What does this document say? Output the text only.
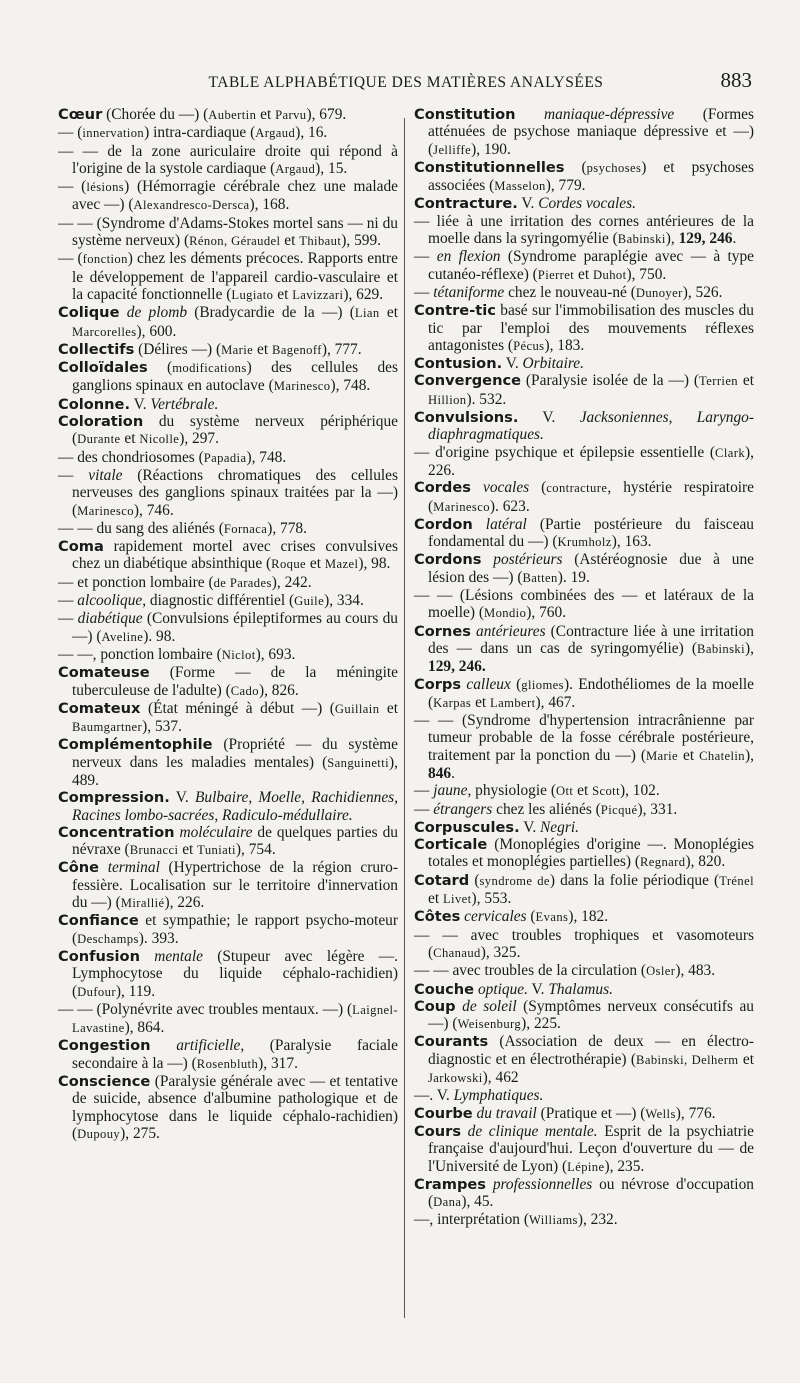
TABLE ALPHABÉTIQUE DES MATIÈRES ANALYSÉES	883

Cœur (Chorée du —) (Aubertin et Parvu), 679.

— (innervation) intra-cardiaque (Argaud), 16.

— — de la zone auriculaire droite qui répond à l'origine de la systole cardiaque (Argaud), 15.

— (lésions) (Hémorragie cérébrale chez une malade avec —) (Alexandresco-Dersca), 168.

— — (Syndrome d'Adams-Stokes mortel sans — ni du système nerveux) (Rénon, Géraudel et Thibaut), 599.

— (fonction) chez les déments précoces. Rapports entre le développement de l'appareil cardio-vasculaire et la capacité fonctionnelle (Lugiato et Lavizzari), 629.

Colique de plomb (Bradycardie de la —) (Lian et Marcorelles), 600.

Collectifs (Délires —) (Marie et Bagenoff), 777.

Colloïdales (modifications) des cellules des ganglions spinaux en autoclave (Marinesco), 748.

Colonne. V. Vertébrale.

Coloration du système nerveux périphérique (Durante et Nicolle), 297.

— des chondriosomes (Papadia), 748.

— vitale (Réactions chromatiques des cellules nerveuses des ganglions spinaux traitées par la —) (Marinesco), 746.

— — du sang des aliénés (Fornaca), 778.

Coma rapidement mortel avec crises convulsives chez un diabétique absinthique (Roque et Mazel), 98.

— et ponction lombaire (de Parades), 242.

— alcoolique, diagnostic différentiel (Guile), 334.

— diabétique (Convulsions épileptiformes au cours du —) (Aveline). 98.

— —, ponction lombaire (Niclot), 693.

Comateuse (Forme — de la méningite tuberculeuse de l'adulte) (Cado), 826.

Comateux (État méningé à début —) (Guillain et Baumgartner), 537.

Complémentophile (Propriété — du système nerveux dans les maladies mentales) (Sanguinetti), 489.

Compression. V. Bulbaire, Moelle, Rachidiennes, Racines lombo-sacrées, Radiculo-médullaire.

Concentration moléculaire de quelques parties du névraxe (Brunacci et Tuniati), 754.

Cône terminal (Hypertrichose de la région cruro-fessière. Localisation sur le territoire d'innervation du —) (Mirallié), 226.

Confiance et sympathie; le rapport psycho-moteur (Deschamps). 393.

Confusion mentale (Stupeur avec légère —. Lymphocytose du liquide céphalo-rachidien) (Dufour), 119.

— — (Polynévrite avec troubles mentaux. —) (Laignel-Lavastine), 864.

Congestion artificielle, (Paralysie faciale secondaire à la —) (Rosenbluth), 317.

Conscience (Paralysie générale avec — et tentative de suicide, absence d'albumine pathologique et de lymphocytose dans le liquide céphalo-rachidien) (Dupouy), 275.

Constitution maniaque-dépressive (Formes atténuées de psychose maniaque dépressive et —) (Jelliffe), 190.

Constitutionnelles (psychoses) et psychoses associées (Masselon), 779.

Contracture. V. Cordes vocales.

— liée à une irritation des cornes antérieures de la moelle dans la syringomyélie (Babinski), 129, 246.

— en flexion (Syndrome paraplégie avec — à type cutanéo-réflexe) (Pierret et Duhot), 750.

— tétaniforme chez le nouveau-né (Dunoyer), 526.

Contre-tic basé sur l'immobilisation des muscles du tic par l'emploi des mouvements réflexes antagonistes (Pécus), 183.

Contusion. V. Orbitaire.

Convergence (Paralysie isolée de la —) (Terrien et Hillion). 532.

Convulsions. V. Jacksoniennes, Laryngo-diaphragmatiques.

— d'origine psychique et épilepsie essentielle (Clark), 226.

Cordes vocales (contracture, hystérie respiratoire (Marinesco). 623.

Cordon latéral (Partie postérieure du faisceau fondamental du —) (Krumholz), 163.

Cordons postérieurs (Astéréognosie due à une lésion des —) (Batten). 19.

— — (Lésions combinées des — et latéraux de la moelle) (Mondio), 760.

Cornes antérieures (Contracture liée à une irritation des — dans un cas de syringomyélie) (Babinski), 129, 246.

Corps calleux (gliomes). Endothéliomes de la moelle (Karpas et Lambert), 467.

— — (Syndrome d'hypertension intracrânienne par tumeur probable de la fosse cérébrale postérieure, traitement par la ponction du —) (Marie et Chatelin), 846.

— jaune, physiologie (Ott et Scott), 102.

— étrangers chez les aliénés (Picqué), 331.

Corpuscules. V. Negri.

Corticale (Monoplégies d'origine —. Monoplégies totales et monoplégies partielles) (Regnard), 820.

Cotard (syndrome de) dans la folie périodique (Trénel et Livet), 553.

Côtes cervicales (Evans), 182.

— — avec troubles trophiques et vasomoteurs (Chanaud), 325.

— — avec troubles de la circulation (Osler), 483.

Couche optique. V. Thalamus.

Coup de soleil (Symptômes nerveux consécutifs au —) (Weisenburg), 225.

Courants (Association de deux — en électro-diagnostic et en électrothérapie) (Babinski, Delherm et Jarkowski), 462

—. V. Lymphatiques.

Courbe du travail (Pratique et —) (Wells), 776.

Cours de clinique mentale. Esprit de la psychiatrie française d'aujourd'hui. Leçon d'ouverture du — de l'Université de Lyon) (Lépine), 235.

Crampes professionnelles ou névrose d'occupation (Dana), 45.

—, interprétation (Williams), 232.
